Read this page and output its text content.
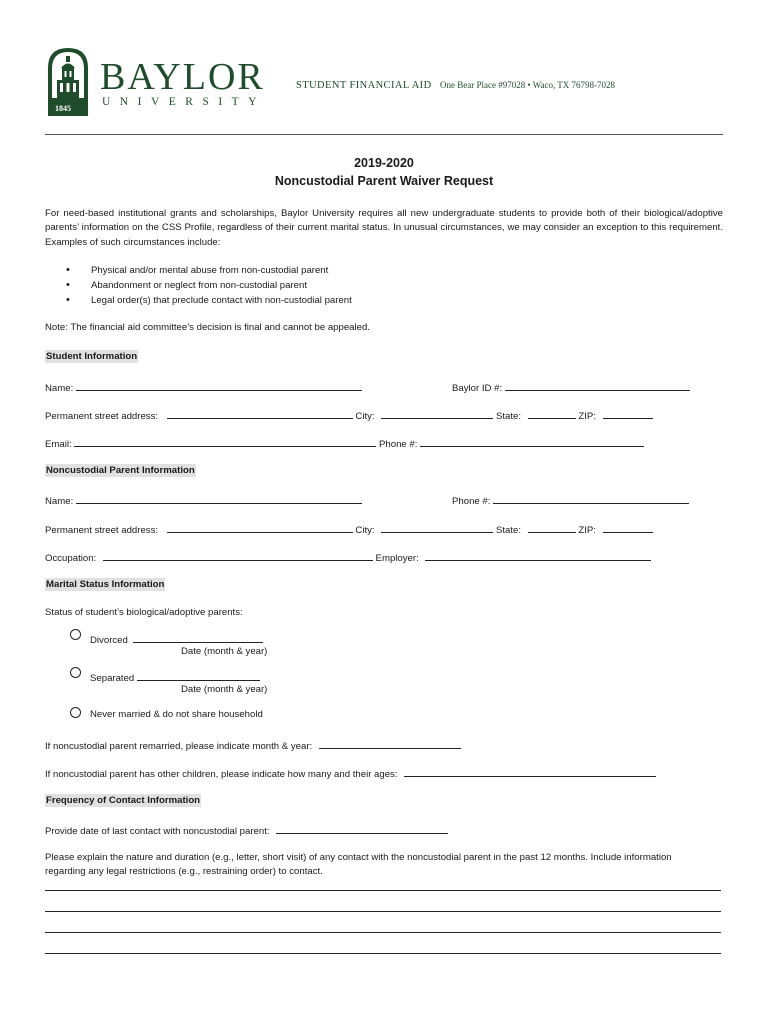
1845
BAYLOR
UNIVERSITY
STUDENT FINANCIAL AID One Bear Place #97028 • Waco, TX 76798-7028
2019-2020
Noncustodial Parent Waiver Request
For need-based institutional grants and scholarships, Baylor University requires all new undergraduate students to provide both of their biological/adoptive parents’ information on the CSS Profile, regardless of their current marital status. In unusual circumstances, we may consider an exception to this requirement. Examples of such circumstances include:
• Physical and/or mental abuse from non-custodial parent
• Abandonment or neglect from non-custodial parent
• Legal order(s) that preclude contact with non-custodial parent
Note: The financial aid committee’s decision is final and cannot be appealed.
Student Information
Name:	Baylor ID #:
Permanent street address:	City:	State:	ZIP:
Email:	Phone #:
Noncustodial Parent Information
Name:	Phone #:
Permanent street address:	City:	State:	ZIP:
Occupation:	Employer:
Marital Status Information
Status of student’s biological/adoptive parents:
Divorced
Date (month & year)
Separated
Date (month & year)
Never married & do not share household
If noncustodial parent remarried, please indicate month & year:
If noncustodial parent has other children, please indicate how many and their ages:
Frequency of Contact Information
Provide date of last contact with noncustodial parent:
Please explain the nature and duration (e.g., letter, short visit) of any contact with the noncustodial parent in the past 12 months. Include information
regarding any legal restrictions (e.g., restraining order) to contact.
